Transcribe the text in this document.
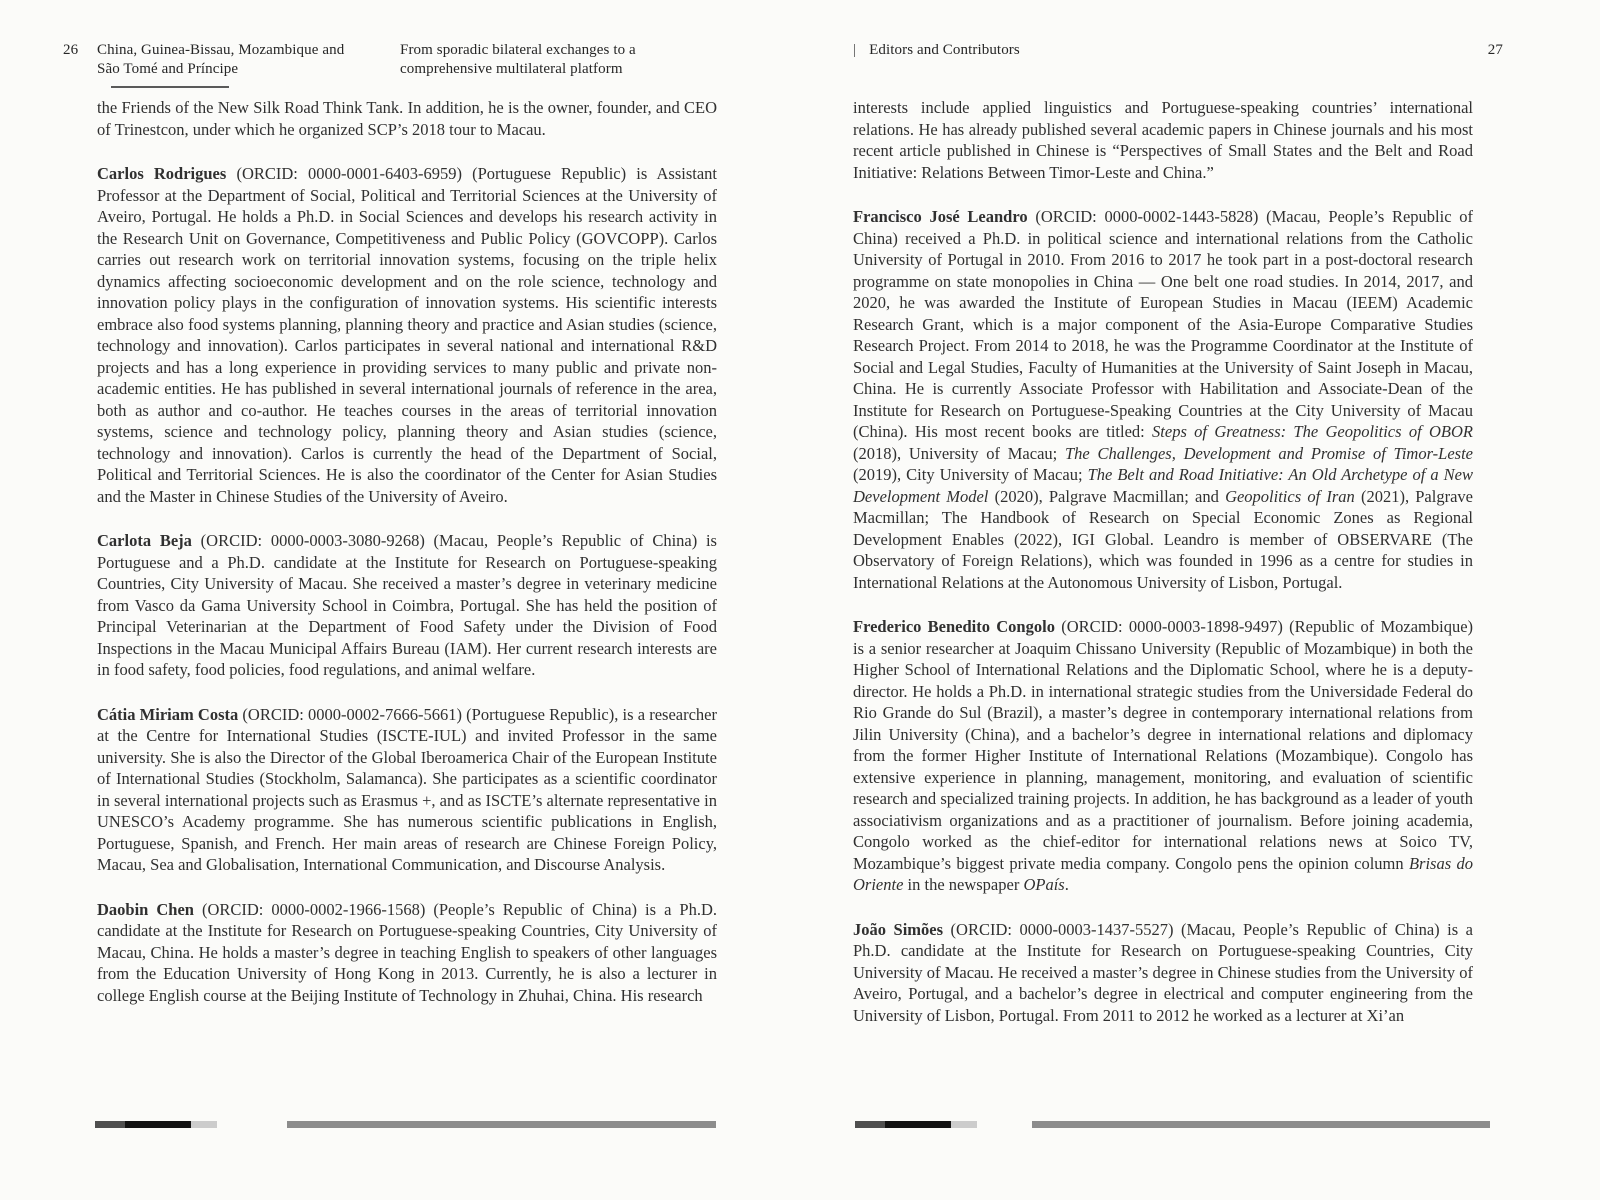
26 China, Guinea-Bissau, Mozambique and
São Tomé and Príncipe
From sporadic bilateral exchanges to a
comprehensive multilateral platform

the Friends of the New Silk Road Think Tank. In addition, he is the owner, founder, and CEO of Trinestcon, under which he organized SCP’s 2018 tour to Macau.

Carlos Rodrigues (ORCID: 0000-0001-6403-6959) (Portuguese Republic) is Assistant Professor at the Department of Social, Political and Territorial Sciences at the University of Aveiro, Portugal. He holds a Ph.D. in Social Sciences and develops his research activity in the Research Unit on Governance, Competitiveness and Public Policy (GOVCOPP). Carlos carries out research work on territorial innovation systems, focusing on the triple helix dynamics affecting socioeconomic development and on the role science, technology and innovation policy plays in the configuration of innovation systems. His scientific interests embrace also food systems planning, planning theory and practice and Asian studies (science, technology and innovation). Carlos participates in several national and international R&D projects and has a long experience in providing services to many public and private non-academic entities. He has published in several international journals of reference in the area, both as author and co-author. He teaches courses in the areas of territorial innovation systems, science and technology policy, planning theory and Asian studies (science, technology and innovation). Carlos is currently the head of the Department of Social, Political and Territorial Sciences. He is also the coordinator of the Center for Asian Studies and the Master in Chinese Studies of the University of Aveiro.

Carlota Beja (ORCID: 0000-0003-3080-9268) (Macau, People’s Republic of China) is Portuguese and a Ph.D. candidate at the Institute for Research on Portuguese-speaking Countries, City University of Macau. She received a master’s degree in veterinary medicine from Vasco da Gama University School in Coimbra, Portugal. She has held the position of Principal Veterinarian at the Department of Food Safety under the Division of Food Inspections in the Macau Municipal Affairs Bureau (IAM). Her current research interests are in food safety, food policies, food regulations, and animal welfare.

Cátia Miriam Costa (ORCID: 0000-0002-7666-5661) (Portuguese Republic), is a researcher at the Centre for International Studies (ISCTE-IUL) and invited Professor in the same university. She is also the Director of the Global Iberoamerica Chair of the European Institute of International Studies (Stockholm, Salamanca). She participates as a scientific coordinator in several international projects such as Erasmus +, and as ISCTE’s alternate representative in UNESCO’s Academy programme. She has numerous scientific publications in English, Portuguese, Spanish, and French. Her main areas of research are Chinese Foreign Policy, Macau, Sea and Globalisation, International Communication, and Discourse Analysis.

Daobin Chen (ORCID: 0000-0002-1966-1568) (People’s Republic of China) is a Ph.D. candidate at the Institute for Research on Portuguese-speaking Countries, City University of Macau, China. He holds a master’s degree in teaching English to speakers of other languages from the Education University of Hong Kong in 2013. Currently, he is also a lecturer in college English course at the Beijing Institute of Technology in Zhuhai, China. His research

| Editors and Contributors	27

interests include applied linguistics and Portuguese-speaking countries’ international relations. He has already published several academic papers in Chinese journals and his most recent article published in Chinese is “Perspectives of Small States and the Belt and Road Initiative: Relations Between Timor-Leste and China.”

Francisco José Leandro (ORCID: 0000-0002-1443-5828) (Macau, People’s Republic of China) received a Ph.D. in political science and international relations from the Catholic University of Portugal in 2010. From 2016 to 2017 he took part in a post-doctoral research programme on state monopolies in China — One belt one road studies. In 2014, 2017, and 2020, he was awarded the Institute of European Studies in Macau (IEEM) Academic Research Grant, which is a major component of the Asia-Europe Comparative Studies Research Project. From 2014 to 2018, he was the Programme Coordinator at the Institute of Social and Legal Studies, Faculty of Humanities at the University of Saint Joseph in Macau, China. He is currently Associate Professor with Habilitation and Associate-Dean of the Institute for Research on Portuguese-Speaking Countries at the City University of Macau (China). His most recent books are titled: Steps of Greatness: The Geopolitics of OBOR (2018), University of Macau; The Challenges, Development and Promise of Timor-Leste (2019), City University of Macau; The Belt and Road Initiative: An Old Archetype of a New Development Model (2020), Palgrave Macmillan; and Geopolitics of Iran (2021), Palgrave Macmillan; The Handbook of Research on Special Economic Zones as Regional Development Enables (2022), IGI Global. Leandro is member of OBSERVARE (The Observatory of Foreign Relations), which was founded in 1996 as a centre for studies in International Relations at the Autonomous University of Lisbon, Portugal.

Frederico Benedito Congolo (ORCID: 0000-0003-1898-9497) (Republic of Mozambique) is a senior researcher at Joaquim Chissano University (Republic of Mozambique) in both the Higher School of International Relations and the Diplomatic School, where he is a deputy-director. He holds a Ph.D. in international strategic studies from the Universidade Federal do Rio Grande do Sul (Brazil), a master’s degree in contemporary international relations from Jilin University (China), and a bachelor’s degree in international relations and diplomacy from the former Higher Institute of International Relations (Mozambique). Congolo has extensive experience in planning, management, monitoring, and evaluation of scientific research and specialized training projects. In addition, he has background as a leader of youth associativism organizations and as a practitioner of journalism. Before joining academia, Congolo worked as the chief-editor for international relations news at Soico TV, Mozambique’s biggest private media company. Congolo pens the opinion column Brisas do Oriente in the newspaper OPaís.

João Simões (ORCID: 0000-0003-1437-5527) (Macau, People’s Republic of China) is a Ph.D. candidate at the Institute for Research on Portuguese-speaking Countries, City University of Macau. He received a master’s degree in Chinese studies from the University of Aveiro, Portugal, and a bachelor’s degree in electrical and computer engineering from the University of Lisbon, Portugal. From 2011 to 2012 he worked as a lecturer at Xi’an
